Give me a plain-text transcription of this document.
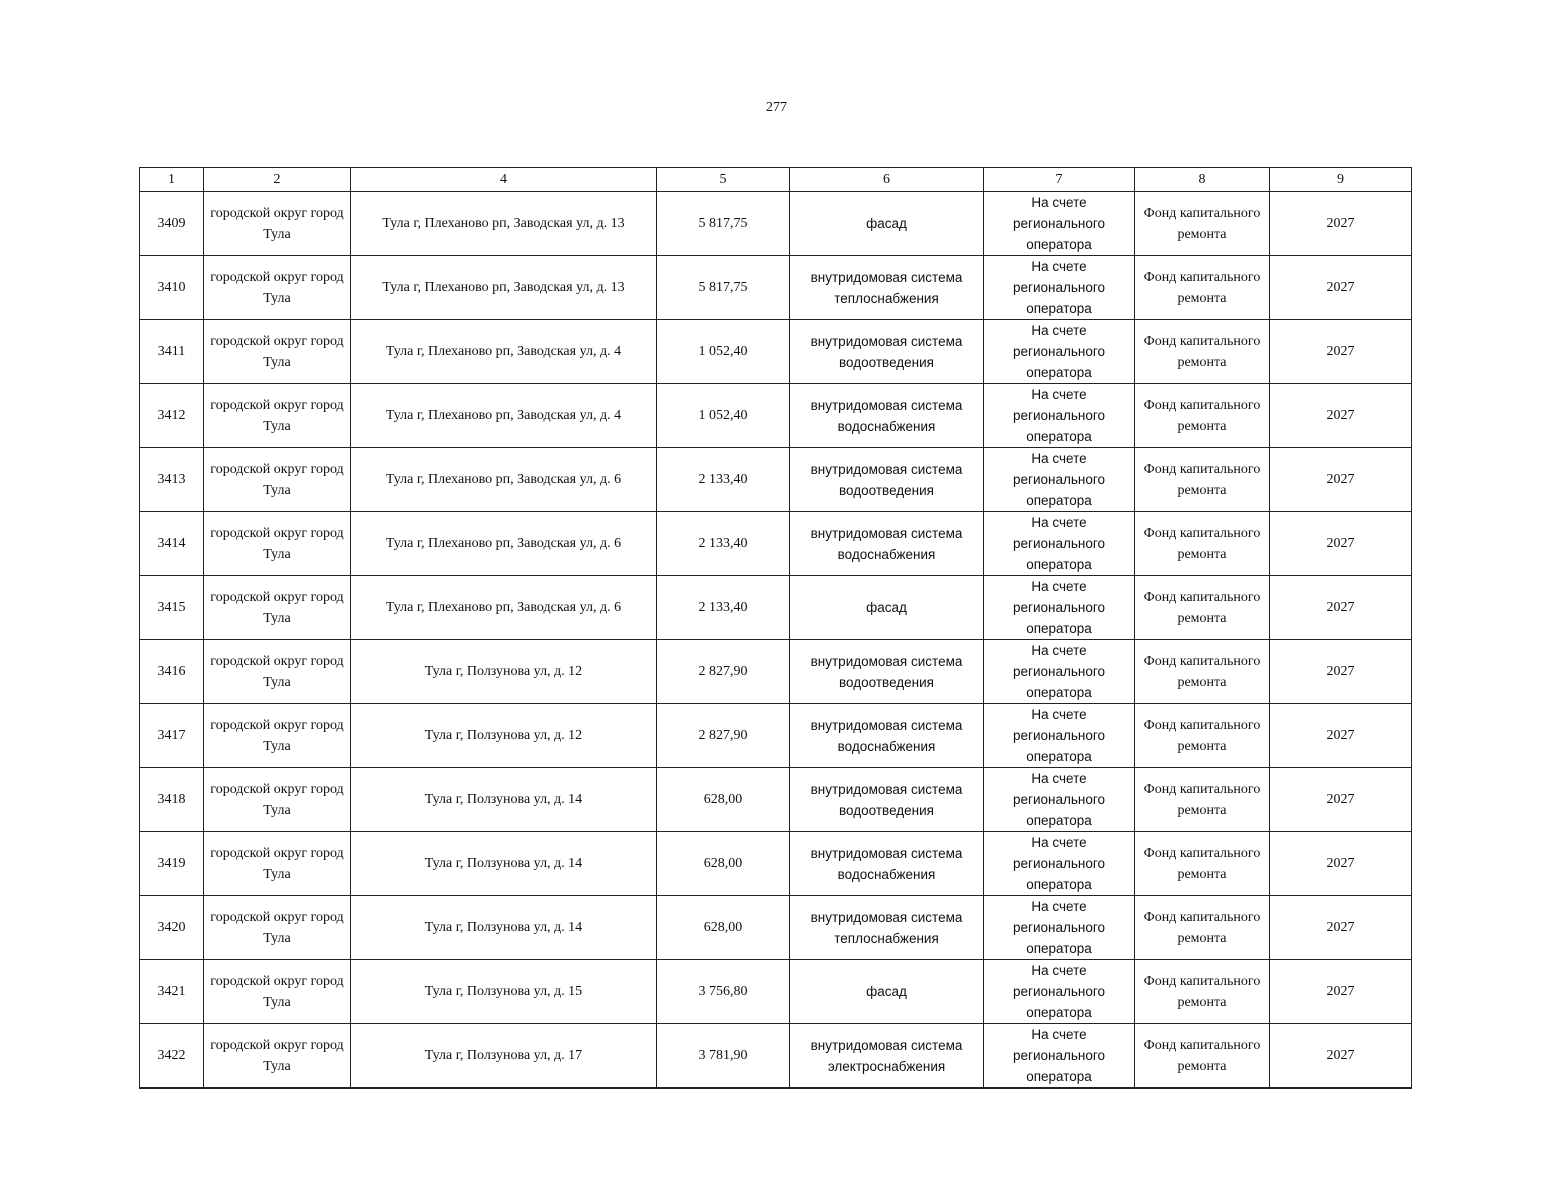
277
1	2	4	5	6	7	8	9
3409	городской округ город Тула	Тула г, Плеханово рп, Заводская ул, д. 13	5 817,75	фасад	На счете регионального оператора	Фонд капитального ремонта	2027
3410	городской округ город Тула	Тула г, Плеханово рп, Заводская ул, д. 13	5 817,75	внутридомовая система теплоснабжения	На счете регионального оператора	Фонд капитального ремонта	2027
3411	городской округ город Тула	Тула г, Плеханово рп, Заводская ул, д. 4	1 052,40	внутридомовая система водоотведения	На счете регионального оператора	Фонд капитального ремонта	2027
3412	городской округ город Тула	Тула г, Плеханово рп, Заводская ул, д. 4	1 052,40	внутридомовая система водоснабжения	На счете регионального оператора	Фонд капитального ремонта	2027
3413	городской округ город Тула	Тула г, Плеханово рп, Заводская ул, д. 6	2 133,40	внутридомовая система водоотведения	На счете регионального оператора	Фонд капитального ремонта	2027
3414	городской округ город Тула	Тула г, Плеханово рп, Заводская ул, д. 6	2 133,40	внутридомовая система водоснабжения	На счете регионального оператора	Фонд капитального ремонта	2027
3415	городской округ город Тула	Тула г, Плеханово рп, Заводская ул, д. 6	2 133,40	фасад	На счете регионального оператора	Фонд капитального ремонта	2027
3416	городской округ город Тула	Тула г, Ползунова ул, д. 12	2 827,90	внутридомовая система водоотведения	На счете регионального оператора	Фонд капитального ремонта	2027
3417	городской округ город Тула	Тула г, Ползунова ул, д. 12	2 827,90	внутридомовая система водоснабжения	На счете регионального оператора	Фонд капитального ремонта	2027
3418	городской округ город Тула	Тула г, Ползунова ул, д. 14	628,00	внутридомовая система водоотведения	На счете регионального оператора	Фонд капитального ремонта	2027
3419	городской округ город Тула	Тула г, Ползунова ул, д. 14	628,00	внутридомовая система водоснабжения	На счете регионального оператора	Фонд капитального ремонта	2027
3420	городской округ город Тула	Тула г, Ползунова ул, д. 14	628,00	внутридомовая система теплоснабжения	На счете регионального оператора	Фонд капитального ремонта	2027
3421	городской округ город Тула	Тула г, Ползунова ул, д. 15	3 756,80	фасад	На счете регионального оператора	Фонд капитального ремонта	2027
3422	городской округ город Тула	Тула г, Ползунова ул, д. 17	3 781,90	внутридомовая система электроснабжения	На счете регионального оператора	Фонд капитального ремонта	2027
